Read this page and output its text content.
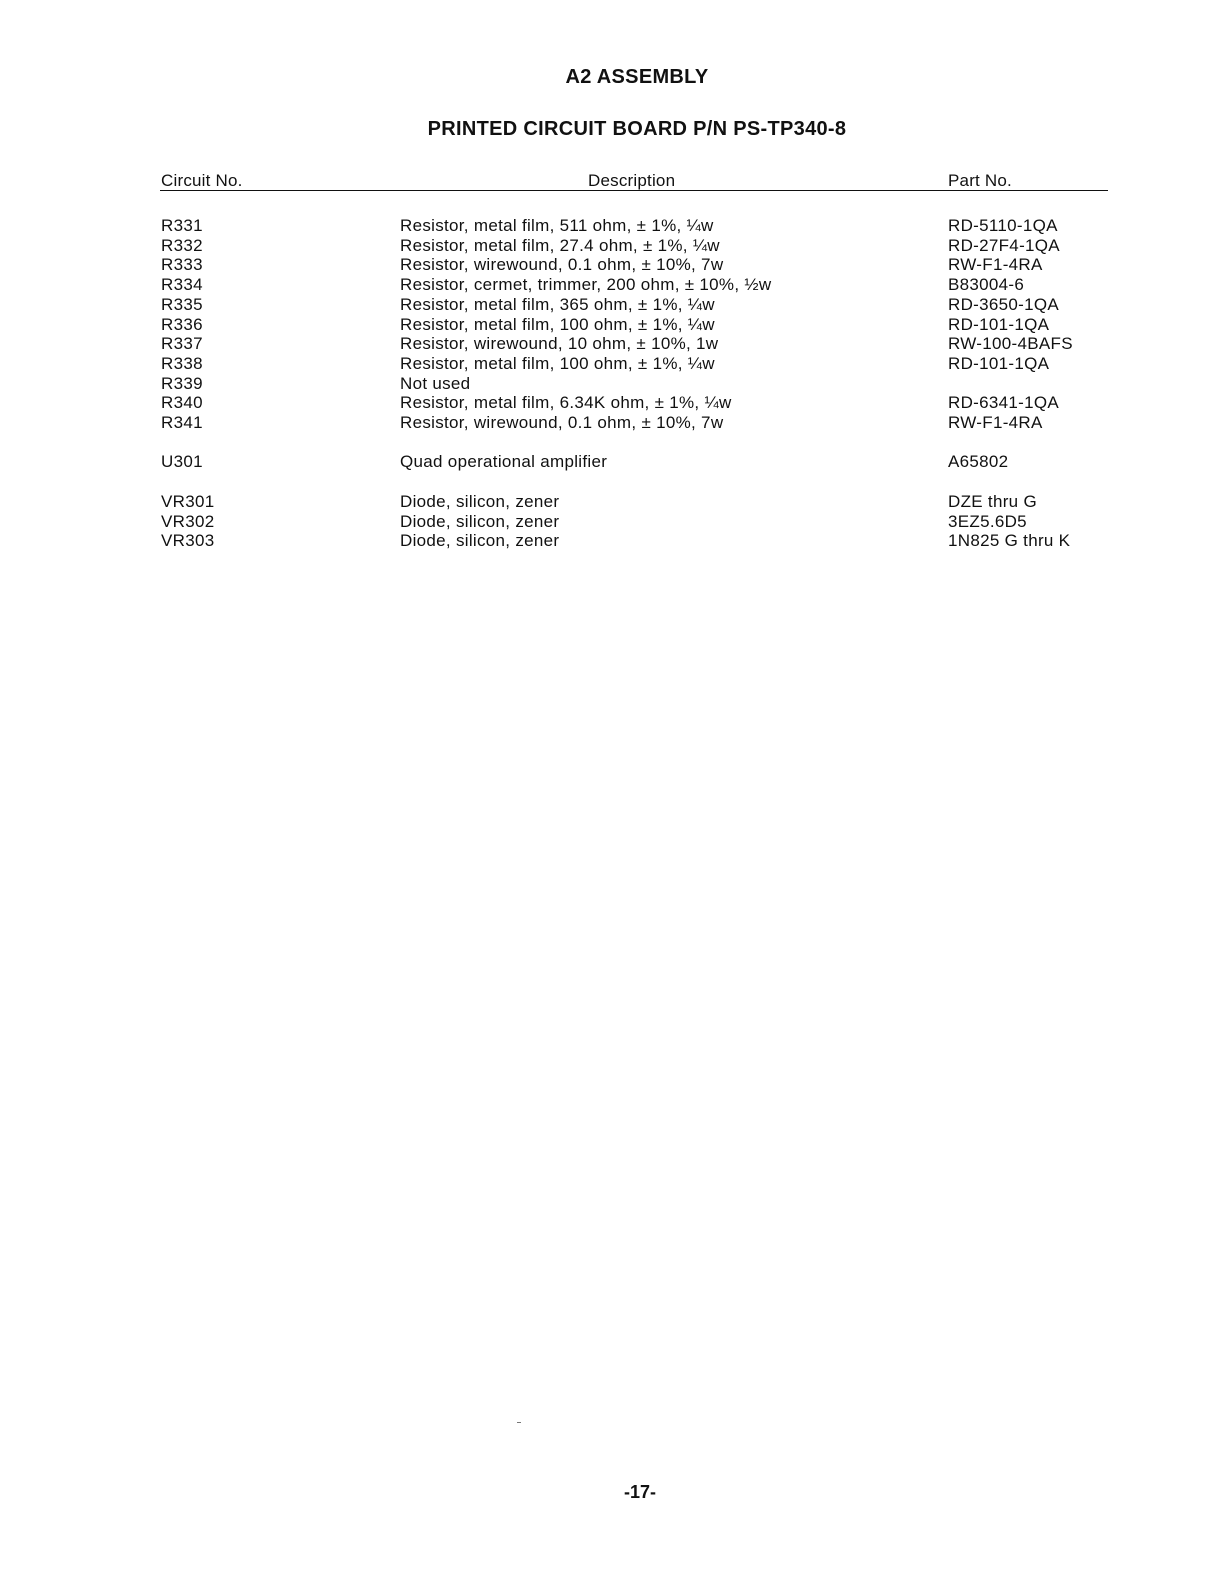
A2 ASSEMBLY
PRINTED CIRCUIT BOARD P/N PS-TP340-8
Circuit No.	Description	Part No.
R331	Resistor, metal film, 511 ohm, ± 1%, ¼w	RD-5110-1QA
R332	Resistor, metal film, 27.4 ohm, ± 1%, ¼w	RD-27F4-1QA
R333	Resistor, wirewound, 0.1 ohm, ± 10%, 7w	RW-F1-4RA
R334	Resistor, cermet, trimmer, 200 ohm, ± 10%, ½w	B83004-6
R335	Resistor, metal film, 365 ohm, ± 1%, ¼w	RD-3650-1QA
R336	Resistor, metal film, 100 ohm, ± 1%, ¼w	RD-101-1QA
R337	Resistor, wirewound, 10 ohm, ± 10%, 1w	RW-100-4BAFS
R338	Resistor, metal film, 100 ohm, ± 1%, ¼w	RD-101-1QA
R339	Not used
R340	Resistor, metal film, 6.34K ohm, ± 1%, ¼w	RD-6341-1QA
R341	Resistor, wirewound, 0.1 ohm, ± 10%, 7w	RW-F1-4RA
U301	Quad operational amplifier	A65802
VR301	Diode, silicon, zener	DZE thru G
VR302	Diode, silicon, zener	3EZ5.6D5
VR303	Diode, silicon, zener	1N825 G thru K
-17-
